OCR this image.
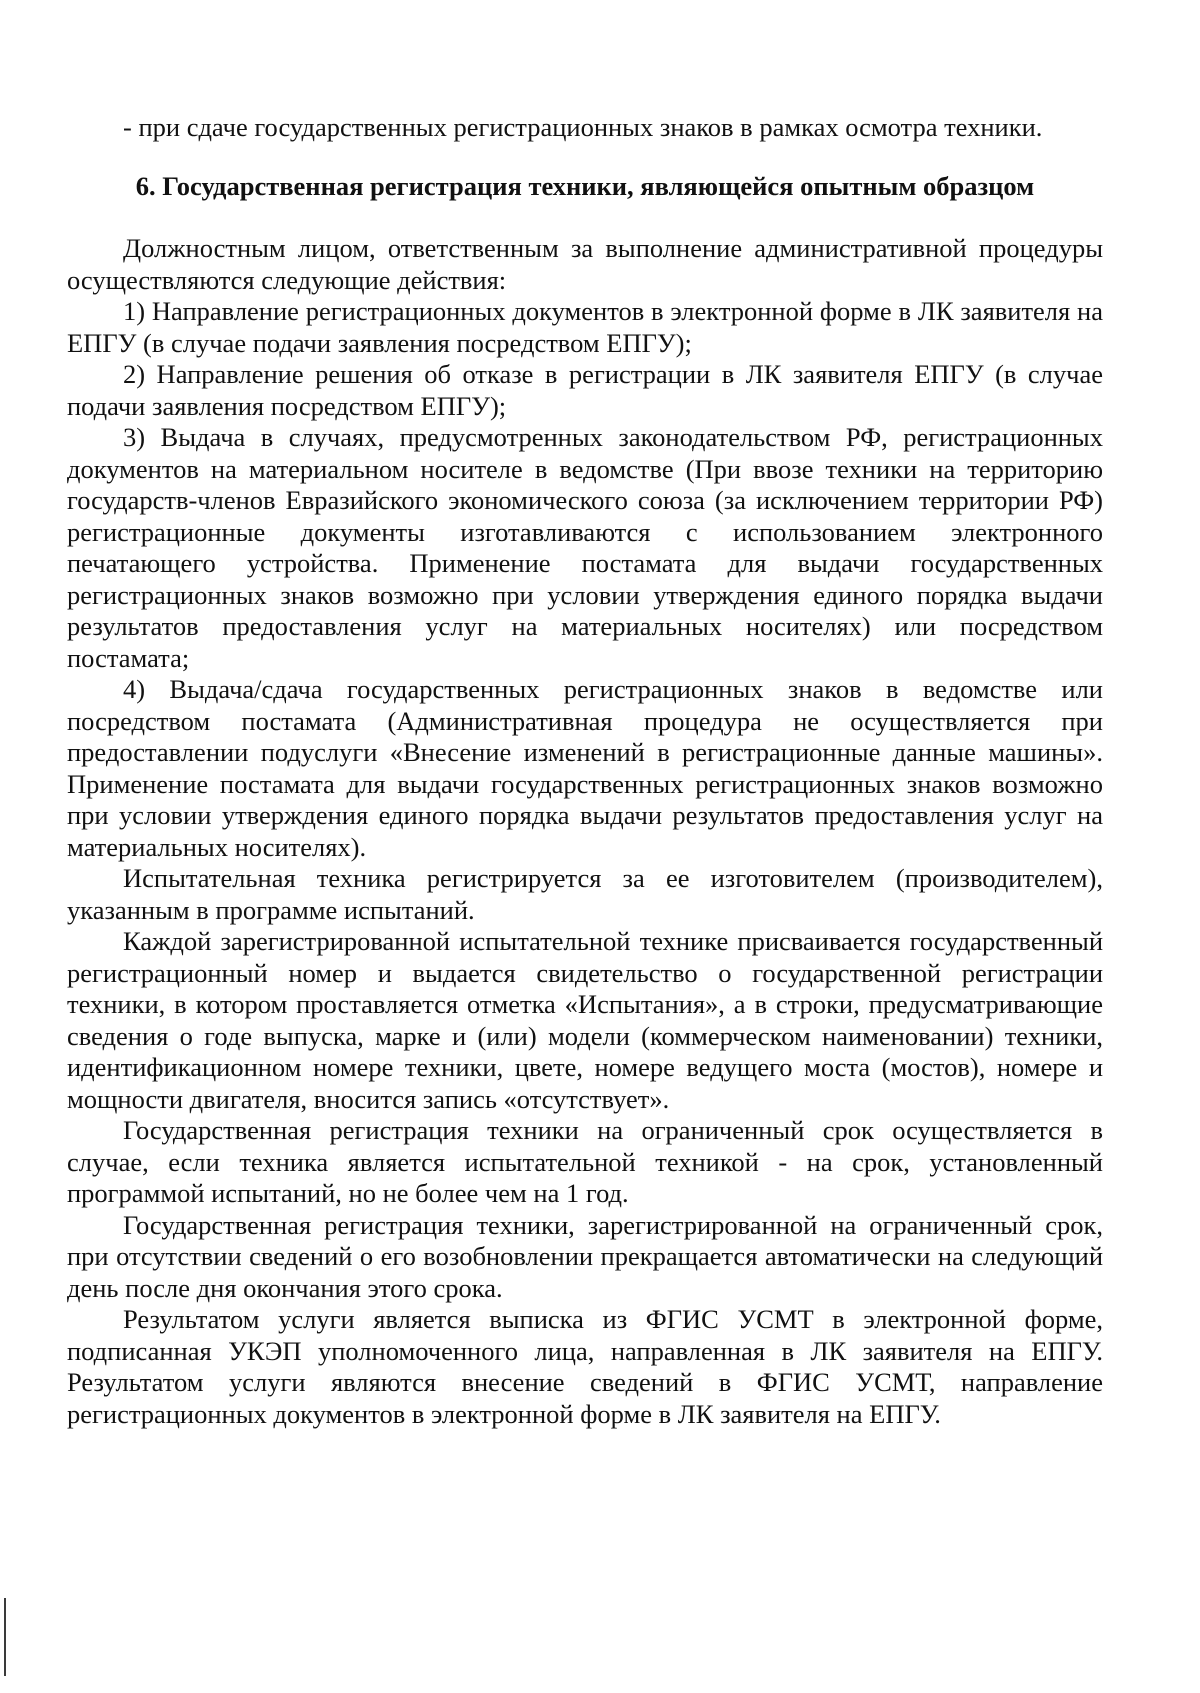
- при сдаче государственных регистрационных знаков в рамках осмотра техники.

6. Государственная регистрация техники, являющейся опытным образцом

Должностным лицом, ответственным за выполнение административной процедуры осуществляются следующие действия:

1) Направление регистрационных документов в электронной форме в ЛК заявителя на ЕПГУ (в случае подачи заявления посредством ЕПГУ);

2) Направление решения об отказе в регистрации в ЛК заявителя ЕПГУ (в случае подачи заявления посредством ЕПГУ);

3) Выдача в случаях, предусмотренных законодательством РФ, регистрационных документов на материальном носителе в ведомстве (При ввозе техники на территорию государств-членов Евразийского экономического союза (за исключением территории РФ) регистрационные документы изготавливаются с использованием электронного печатающего устройства. Применение постамата для выдачи государственных регистрационных знаков возможно при условии утверждения единого порядка выдачи результатов предоставления услуг на материальных носителях) или посредством постамата;

4) Выдача/сдача государственных регистрационных знаков в ведомстве или посредством постамата (Административная процедура не осуществляется при предоставлении подуслуги «Внесение изменений в регистрационные данные машины». Применение постамата для выдачи государственных регистрационных знаков возможно при условии утверждения единого порядка выдачи результатов предоставления услуг на материальных носителях).

Испытательная техника регистрируется за ее изготовителем (производителем), указанным в программе испытаний.

Каждой зарегистрированной испытательной технике присваивается государственный регистрационный номер и выдается свидетельство о государственной регистрации техники, в котором проставляется отметка «Испытания», а в строки, предусматривающие сведения о годе выпуска, марке и (или) модели (коммерческом наименовании) техники, идентификационном номере техники, цвете, номере ведущего моста (мостов), номере и мощности двигателя, вносится запись «отсутствует».

Государственная регистрация техники на ограниченный срок осуществляется в случае, если техника является испытательной техникой - на срок, установленный программой испытаний, но не более чем на 1 год.

Государственная регистрация техники, зарегистрированной на ограниченный срок, при отсутствии сведений о его возобновлении прекращается автоматически на следующий день после дня окончания этого срока.

Результатом услуги является выписка из ФГИС УСМТ в электронной форме, подписанная УКЭП уполномоченного лица, направленная в ЛК заявителя на ЕПГУ. Результатом услуги являются внесение сведений в ФГИС УСМТ, направление регистрационных документов в электронной форме в ЛК заявителя на ЕПГУ.
